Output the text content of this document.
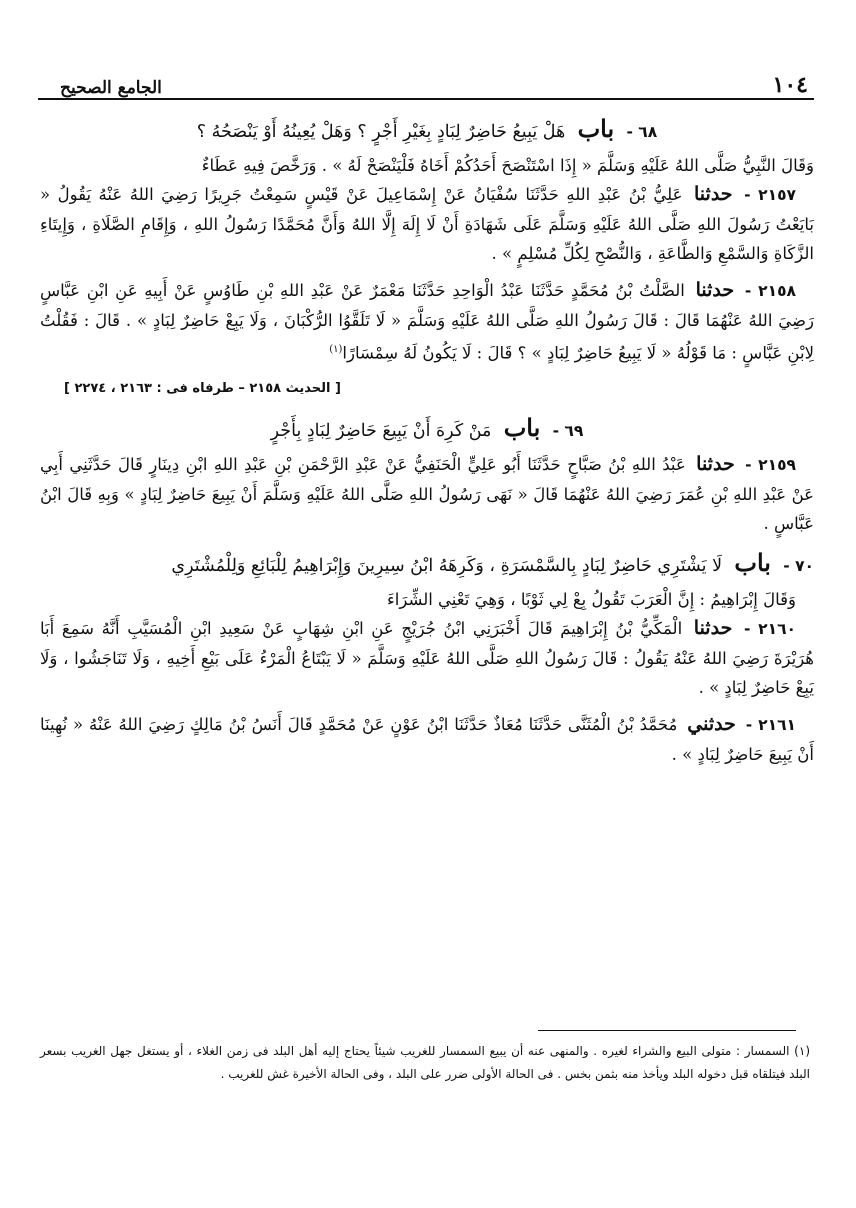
الجامع الصحيح	١٠٤

٦٨ - باب هَلْ يَبِيعُ حَاضِرٌ لِبَادٍ بِغَيْرِ أَجْرٍ ؟ وَهَلْ يُعِينُهُ أَوْ يَنْصَحُهُ ؟

وَقَالَ النَّبِيُّ صَلَّى اللهُ عَلَيْهِ وَسَلَّمَ « إِذَا اسْتَنْصَحَ أَحَدُكُمْ أَخَاهُ فَلْيَنْصَحْ لَهُ » . وَرَخَّصَ فِيهِ عَطَاءٌ

٢١٥٧ - حدثنا عَلِيُّ بْنُ عَبْدِ اللهِ حَدَّثَنَا سُفْيَانُ عَنْ إِسْمَاعِيلَ عَنْ قَيْسٍ سَمِعْتُ جَرِيرًا رَضِيَ اللهُ عَنْهُ يَقُولُ « بَايَعْتُ رَسُولَ اللهِ صَلَّى اللهُ عَلَيْهِ وَسَلَّمَ عَلَى شَهَادَةِ أَنْ لَا إِلَهَ إِلَّا اللهُ وَأَنَّ مُحَمَّدًا رَسُولُ اللهِ ، وَإِقَامِ الصَّلَاةِ ، وَإِيتَاءِ الزَّكَاةِ وَالسَّمْعِ وَالطَّاعَةِ ، وَالنُّصْحِ لِكُلِّ مُسْلِمٍ » .

٢١٥٨ - حدثنا الصَّلْتُ بْنُ مُحَمَّدٍ حَدَّثَنَا عَبْدُ الْوَاحِدِ حَدَّثَنَا مَعْمَرٌ عَنْ عَبْدِ اللهِ بْنِ طَاوُسٍ عَنْ أَبِيهِ عَنِ ابْنِ عَبَّاسٍ رَضِيَ اللهُ عَنْهُمَا قَالَ : قَالَ رَسُولُ اللهِ صَلَّى اللهُ عَلَيْهِ وَسَلَّمَ « لَا تَلَقَّوُا الرُّكْبَانَ ، وَلَا يَبِعْ حَاضِرٌ لِبَادٍ » . قَالَ : فَقُلْتُ لِابْنِ عَبَّاسٍ : مَا قَوْلُهُ « لَا يَبِيعُ حَاضِرٌ لِبَادٍ » ؟ قَالَ : لَا يَكُونُ لَهُ سِمْسَارًا$^{(١)}$

[ الحديث ٢١٥٨ – طرفاه فى : ٢١٦٣ ، ٢٢٧٤ ]

٦٩ - باب مَنْ كَرِهَ أَنْ يَبِيعَ حَاضِرٌ لِبَادٍ بِأَجْرٍ

٢١٥٩ - حدثنا عَبْدُ اللهِ بْنُ صَبَّاحٍ حَدَّثَنَا أَبُو عَلِيٍّ الْحَنَفِيُّ عَنْ عَبْدِ الرَّحْمَنِ بْنِ عَبْدِ اللهِ ابْنِ دِينَارٍ قَالَ حَدَّثَنِي أَبِي عَنْ عَبْدِ اللهِ بْنِ عُمَرَ رَضِيَ اللهُ عَنْهُمَا قَالَ « نَهَى رَسُولُ اللهِ صَلَّى اللهُ عَلَيْهِ وَسَلَّمَ أَنْ يَبِيعَ حَاضِرٌ لِبَادٍ » وَبِهِ قَالَ ابْنُ عَبَّاسٍ .

٧٠ - باب لَا يَشْتَرِي حَاضِرٌ لِبَادٍ بِالسَّمْسَرَةِ ، وَكَرِهَهُ ابْنُ سِيرِينَ وَإِبْرَاهِيمُ لِلْبَائِعِ وَلِلْمُشْتَرِي

وَقَالَ إِبْرَاهِيمُ : إِنَّ الْعَرَبَ تَقُولُ بِعْ لِي ثَوْبًا ، وَهِيَ تَعْنِي الشِّرَاءَ

٢١٦٠ - حدثنا الْمَكِّيُّ بْنُ إِبْرَاهِيمَ قَالَ أَخْبَرَنِي ابْنُ جُرَيْجٍ عَنِ ابْنِ شِهَابٍ عَنْ سَعِيدِ ابْنِ الْمُسَيَّبِ أَنَّهُ سَمِعَ أَبَا هُرَيْرَةَ رَضِيَ اللهُ عَنْهُ يَقُولُ : قَالَ رَسُولُ اللهِ صَلَّى اللهُ عَلَيْهِ وَسَلَّمَ « لَا يَبْتَاعُ الْمَرْءُ عَلَى بَيْعِ أَخِيهِ ، وَلَا تَنَاجَشُوا ، وَلَا يَبِعْ حَاضِرٌ لِبَادٍ » .

٢١٦١ - حدثني مُحَمَّدُ بْنُ الْمُثَنَّى حَدَّثَنَا مُعَاذٌ حَدَّثَنَا ابْنُ عَوْنٍ عَنْ مُحَمَّدٍ قَالَ أَنَسُ بْنُ مَالِكٍ رَضِيَ اللهُ عَنْهُ « نُهِينَا أَنْ يَبِيعَ حَاضِرٌ لِبَادٍ » .

(١) السمسار : متولى البيع والشراء لغيره . والمنهى عنه أن يبيع السمسار للغريب شيئاً يحتاج إليه أهل البلد فى زمن الغلاء ، أو يستغل جهل الغريب بسعر البلد فيتلقاه قبل دخوله البلد ويأخذ منه بثمن بخس . فى الحالة الأولى ضرر على البلد ، وفى الحالة الأخيرة غش للغريب .
